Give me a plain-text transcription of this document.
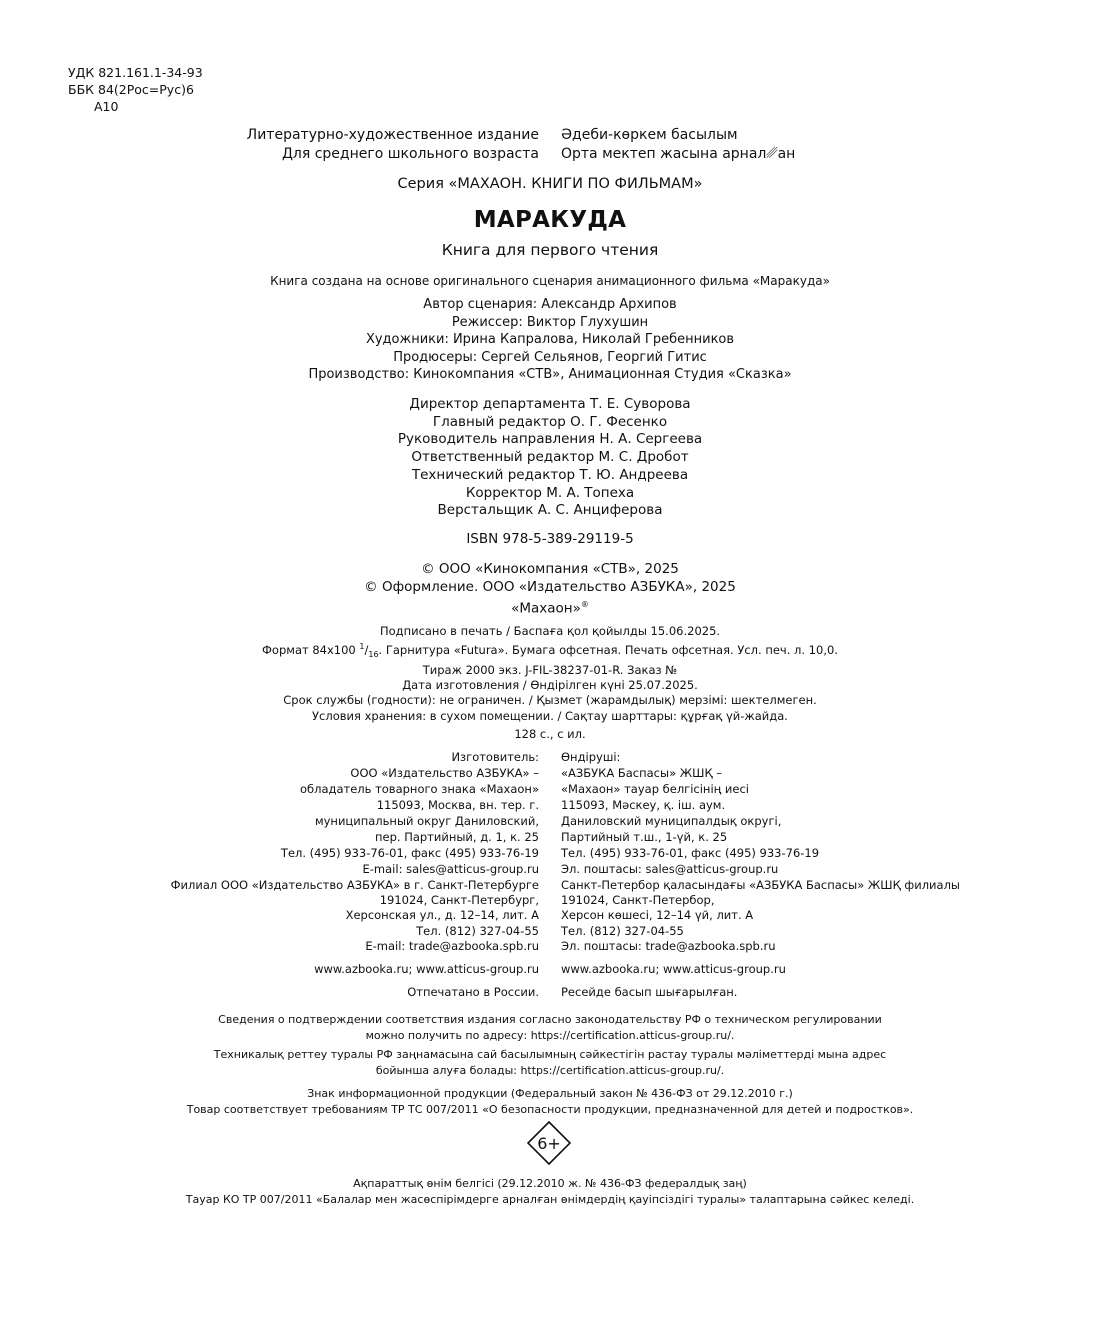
УДК 821.161.1-34-93
ББК 84(2Рос=Рус)6
А10
Литературно-художественное издание
Для среднего школьного возраста
Әдеби-көркем басылым
Орта мектеп жасына арнал␥ан
Серия «МАХАОН. КНИГИ ПО ФИЛЬМАМ»
МАРАКУДА
Книга для первого чтения
Книга создана на основе оригинального сценария анимационного фильма «Маракуда»
Автор сценария: Александр Архипов
Режиссер: Виктор Глухушин
Художники: Ирина Капралова, Николай Гребенников
Продюсеры: Сергей Сельянов, Георгий Гитис
Производство: Кинокомпания «СТВ», Анимационная Студия «Сказка»
Директор департамента Т. Е. Суворова
Главный редактор О. Г. Фесенко
Руководитель направления Н. А. Сергеева
Ответственный редактор М. С. Дробот
Технический редактор Т. Ю. Андреева
Корректор М. А. Топеха
Верстальщик А. С. Анциферова
ISBN 978-5-389-29119-5
© ООО «Кинокомпания «СТВ», 2025
© Оформление. ООО «Издательство АЗБУКА», 2025
«Махаон»®
Подписано в печать / Баспаға қол қойылды 15.06.2025.
Формат 84х100 $^1/_{16}$. Гарнитура «Futura». Бумага офсетная. Печать офсетная. Усл. печ. л. 10,0.
Тираж 2000 экз. J-FIL-38237-01-R. Заказ №
Дата изготовления / Өндірілген күні 25.07.2025.
Срок службы (годности): не ограничен. / Қызмет (жарамдылық) мерзімі: шектелмеген.
Условия хранения: в сухом помещении. / Сақтау шарттары: құрғақ үй-жайда.
128 с., с ил.
Изготовитель:
ООО «Издательство АЗБУКА» –
обладатель товарного знака «Махаон»
115093, Москва, вн. тер. г.
муниципальный округ Даниловский,
пер. Партийный, д. 1, к. 25
Тел. (495) 933-76-01, факс (495) 933-76-19
E-mail: sales@atticus-group.ru
Өндіруші:
«АЗБУКА Баспасы» ЖШҚ –
«Махаон» тауар белгісінің иесі
115093, Мәскеу, қ. іш. аум.
Даниловский муниципалдық округі,
Партийный т.ш., 1-үй, к. 25
Тел. (495) 933-76-01, факс (495) 933-76-19
Эл. поштасы: sales@atticus-group.ru
Филиал ООО «Издательство АЗБУКА» в г. Санкт-Петербурге
191024, Санкт-Петербург,
Херсонская ул., д. 12–14, лит. А
Тел. (812) 327-04-55
E-mail: trade@azbooka.spb.ru
Санкт-Петербор қаласындағы «АЗБУКА Баспасы» ЖШҚ филиалы
191024, Санкт-Петербор,
Херсон көшесі, 12–14 үй, лит. А
Тел. (812) 327-04-55
Эл. поштасы: trade@azbooka.spb.ru
www.azbooka.ru; www.atticus-group.ru www.azbooka.ru; www.atticus-group.ru
Отпечатано в России. Ресейде басып шығарылған.
Сведения о подтверждении соответствия издания согласно законодательству РФ о техническом регулировании
можно получить по адресу: https://certification.atticus-group.ru/.
Техникалық реттеу туралы РФ заңнамасына сай басылымның сәйкестігін растау туралы мәліметтерді мына адрес
бойынша алуға болады: https://certification.atticus-group.ru/.
Знак информационной продукции (Федеральный закон № 436-ФЗ от 29.12.2010 г.)
Товар соответствует требованиям ТР ТС 007/2011 «О безопасности продукции, предназначенной для детей и подростков».
6+
Ақпараттық өнім белгісі (29.12.2010 ж. № 436-ФЗ федералдық заң)
Тауар КО ТР 007/2011 «Балалар мен жасөспірімдерге арналған өнімдердің қауіпсіздігі туралы» талаптарына сәйкес келеді.
